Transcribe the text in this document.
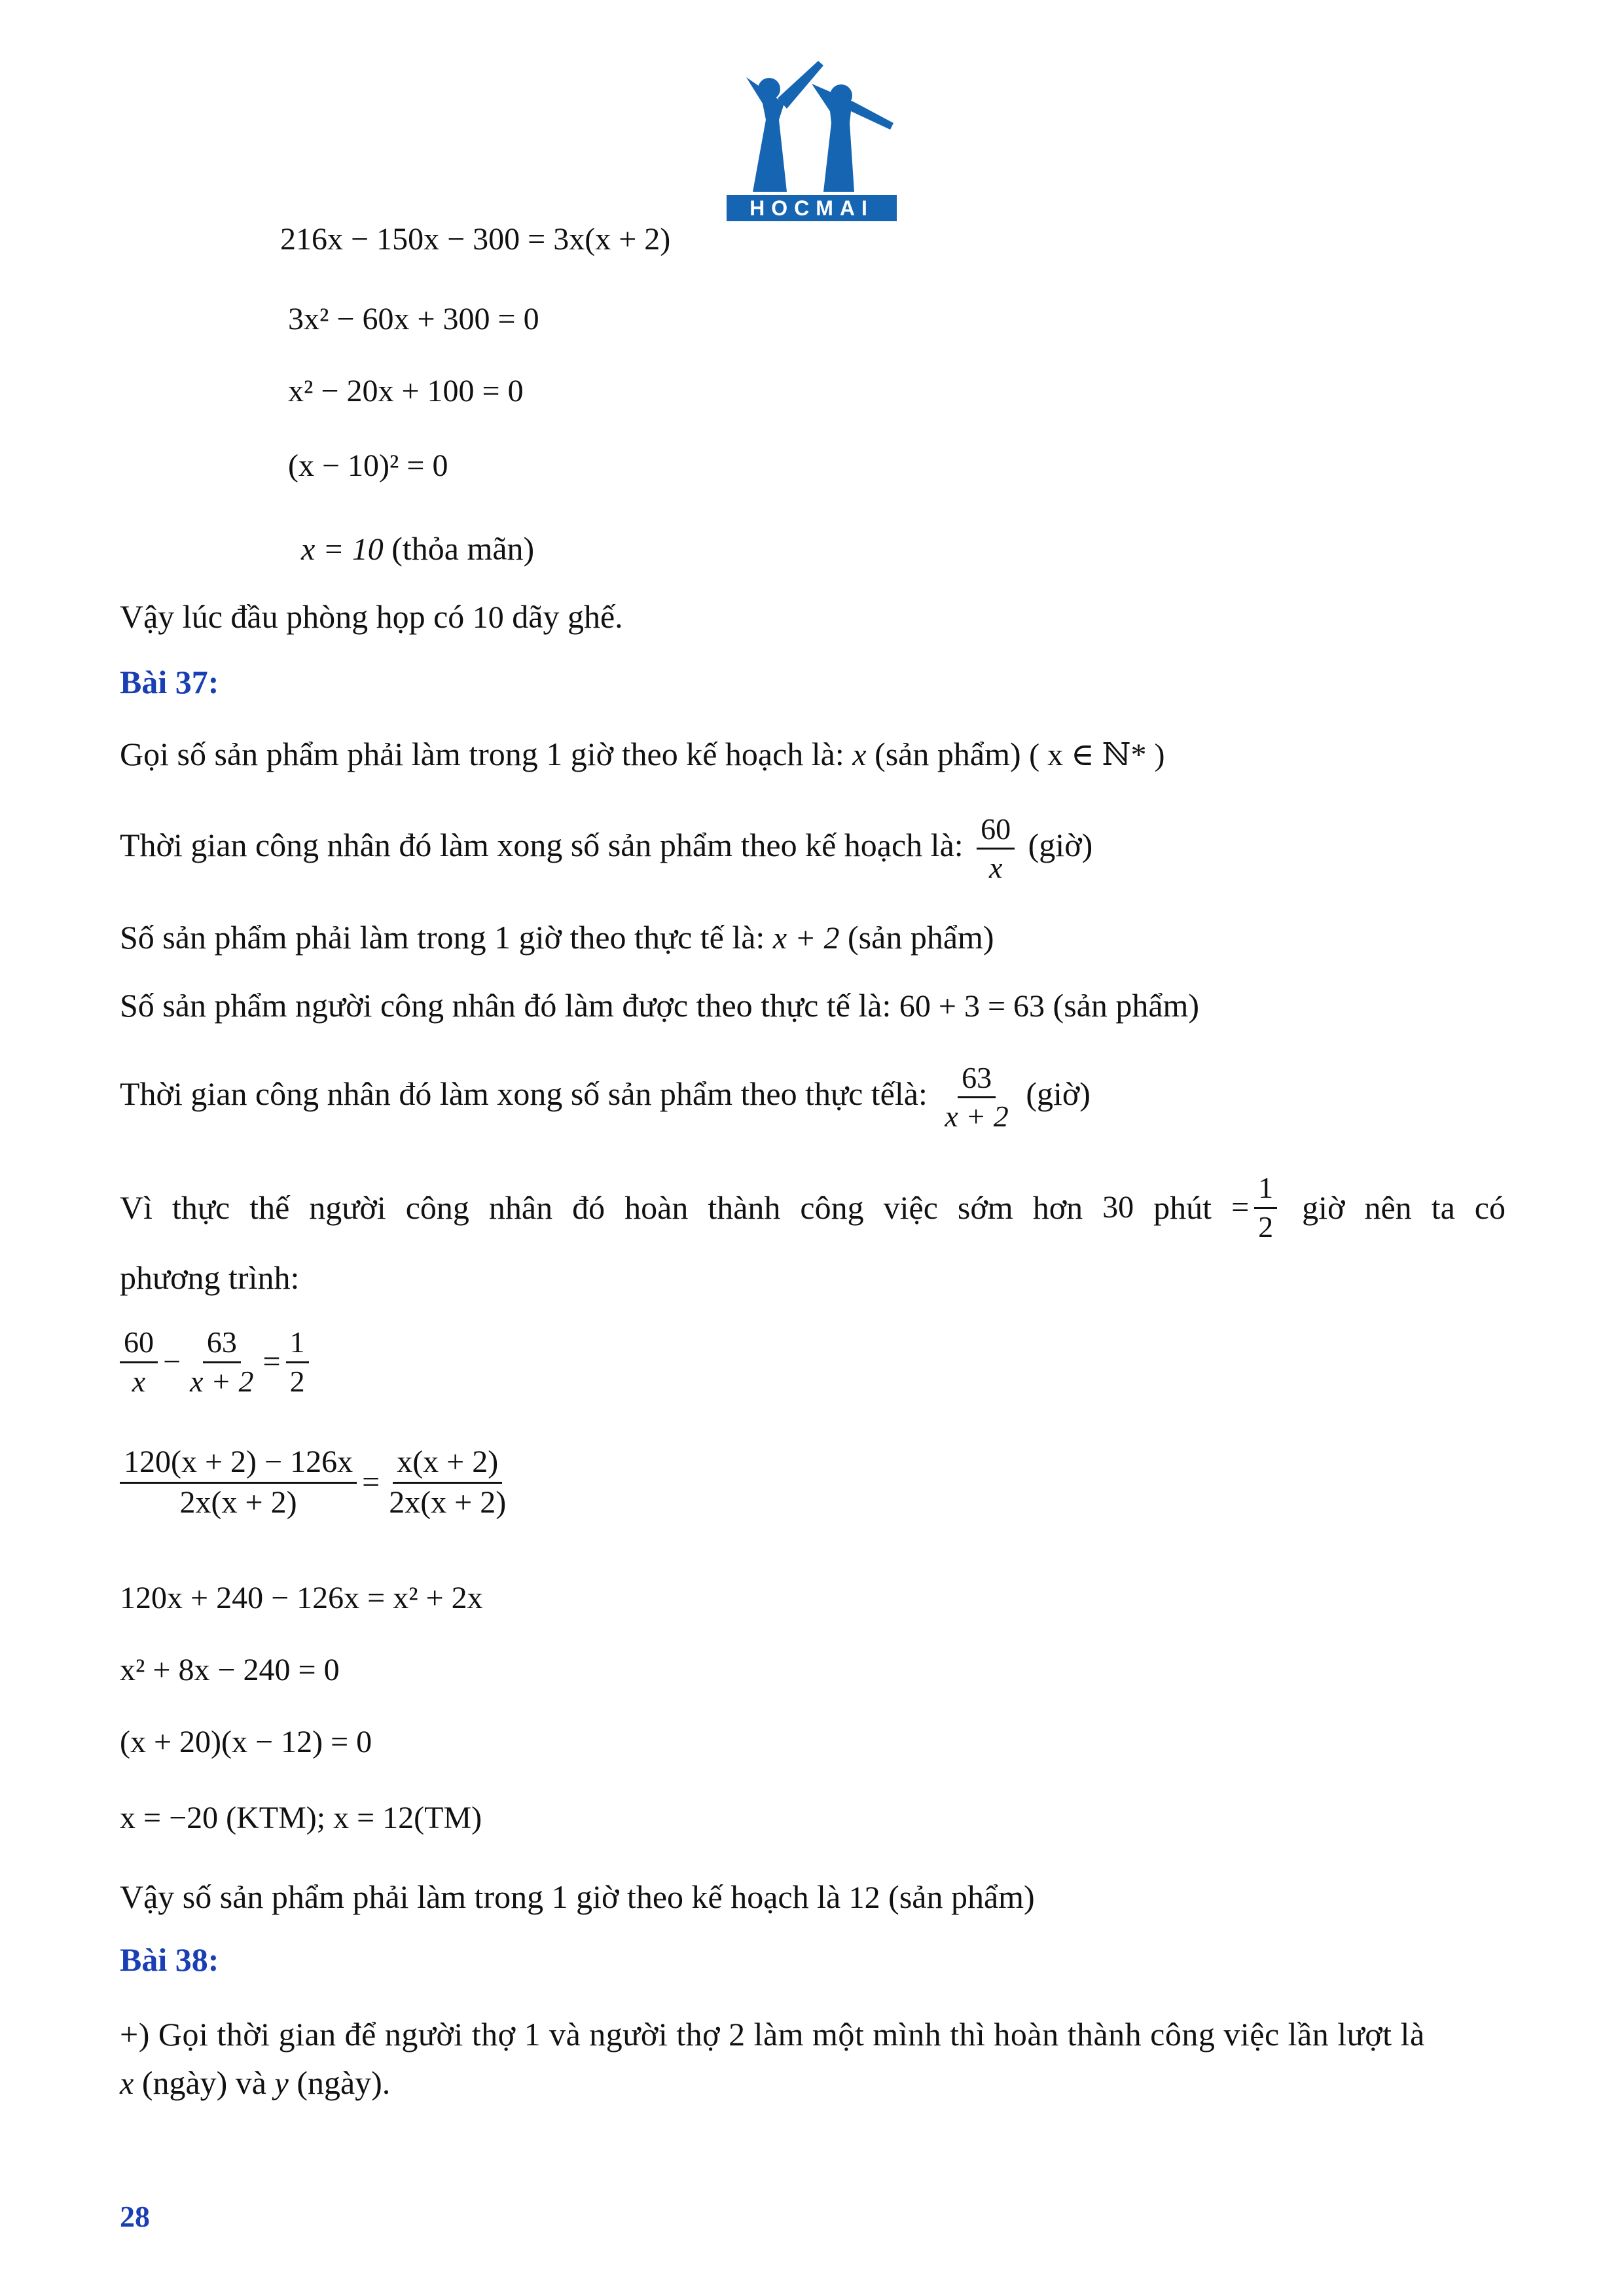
HOCMAI
216x − 150x − 300 = 3x(x + 2)
3x² − 60x + 300 = 0
x² − 20x + 100 = 0
(x − 10)² = 0
x = 10 (thỏa mãn)
Vậy lúc đầu phòng họp có 10 dãy ghế.
Bài 37:
Gọi số sản phẩm phải làm trong 1 giờ theo kế hoạch là: x (sản phẩm) ( x ∈ ℕ* )
Thời gian công nhân đó làm xong số sản phẩm theo kế hoạch là: $\frac{60}{x}$ (giờ)
Số sản phẩm phải làm trong 1 giờ theo thực tế là: x + 2 (sản phẩm)
Số sản phẩm người công nhân đó làm được theo thực tế là: 60 + 3 = 63 (sản phẩm)
Thời gian công nhân đó làm xong số sản phẩm theo thực tếlà: $\frac{63}{x + 2}$ (giờ)
Vì thực thế người công nhân đó hoàn thành công việc sớm hơn 30 phút = $\frac{1}{2}$ giờ nên ta có
phương trình:
$\frac{60}{x} - \frac{63}{x + 2} = \frac{1}{2}$
$\frac{120(x + 2) - 126x}{2x(x + 2)} = \frac{x(x + 2)}{2x(x + 2)}$
120x + 240 − 126x = x² + 2x
x² + 8x − 240 = 0
(x + 20)(x − 12) = 0
x = −20 (KTM); x = 12(TM)
Vậy số sản phẩm phải làm trong 1 giờ theo kế hoạch là 12 (sản phẩm)
Bài 38:
+) Gọi thời gian để người thợ 1 và người thợ 2 làm một mình thì hoàn thành công việc lần lượt là
x (ngày) và y (ngày).
28
